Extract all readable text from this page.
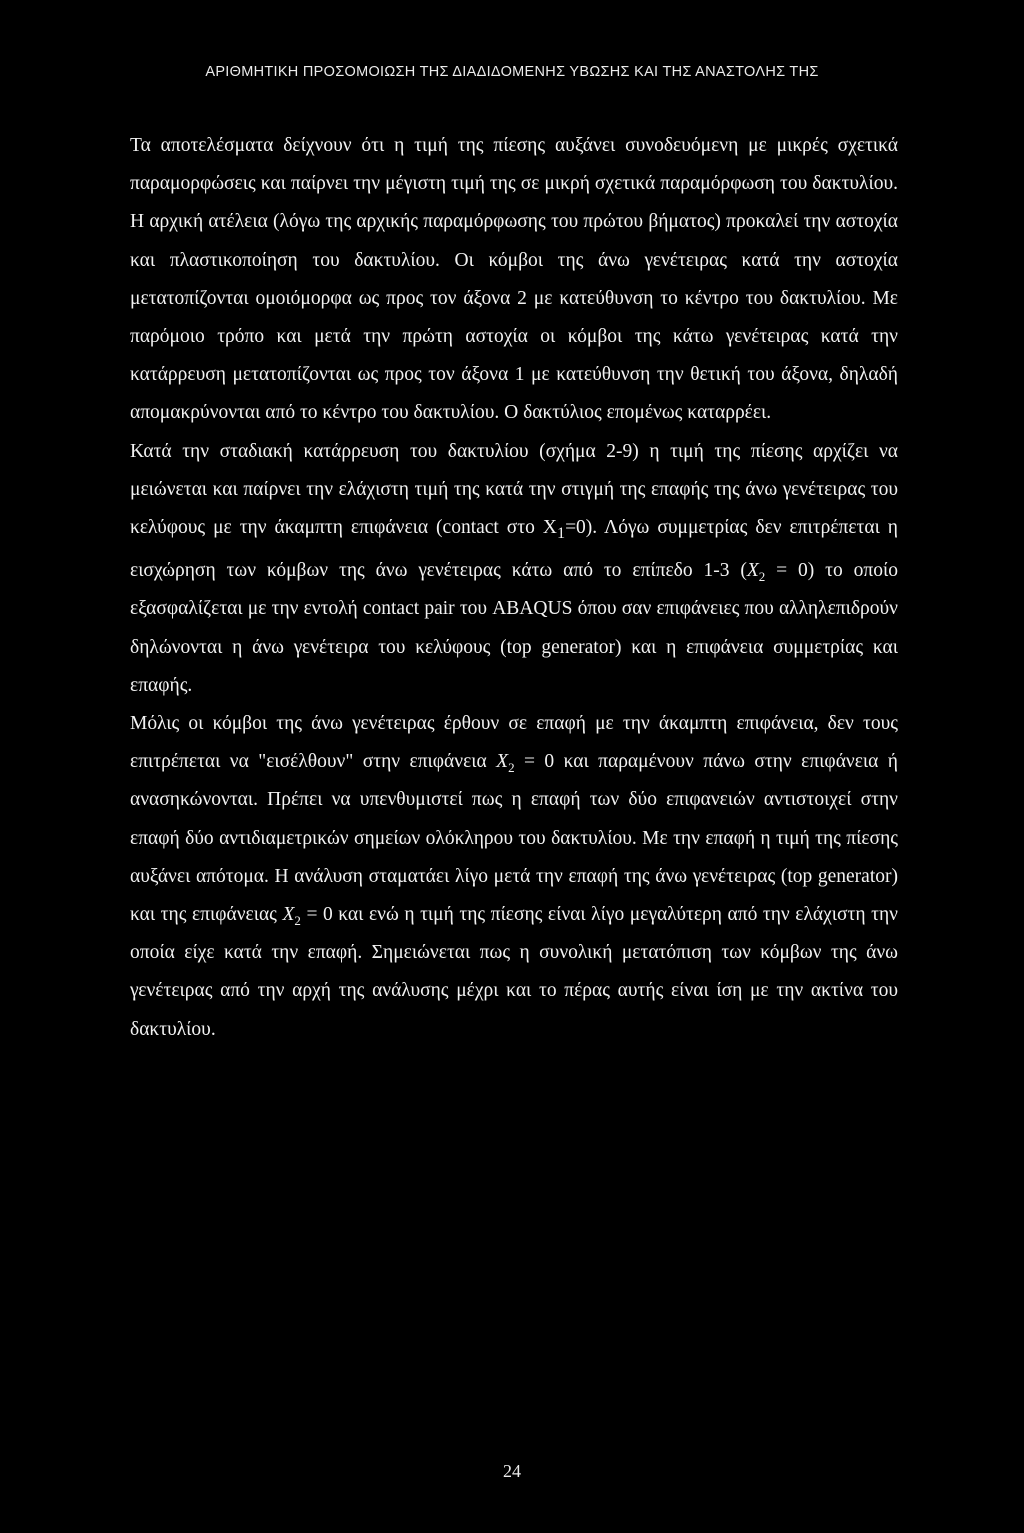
ΑΡΙΘΜΗΤΙΚΗ ΠΡΟΣΟΜΟΙΩΣΗ ΤΗΣ ΔΙΑΔΙΔΟΜΕΝΗΣ ΥΒΩΣΗΣ ΚΑΙ ΤΗΣ ΑΝΑΣΤΟΛΗΣ ΤΗΣ

Τα αποτελέσματα δείχνουν ότι η τιμή της πίεσης αυξάνει συνοδευόμενη με μικρές σχετικά παραμορφώσεις και παίρνει την μέγιστη τιμή της σε μικρή σχετικά παραμόρφωση του δακτυλίου. Η αρχική ατέλεια (λόγω της αρχικής παραμόρφωσης του πρώτου βήματος) προκαλεί την αστοχία και πλαστικοποίηση του δακτυλίου. Οι κόμβοι της άνω γενέτειρας κατά την αστοχία μετατοπίζονται ομοιόμορφα ως προς τον άξονα 2 με κατεύθυνση το κέντρο του δακτυλίου. Με παρόμοιο τρόπο και μετά την πρώτη αστοχία οι κόμβοι της κάτω γενέτειρας κατά την κατάρρευση μετατοπίζονται ως προς τον άξονα 1 με κατεύθυνση την θετική του άξονα, δηλαδή απομακρύνονται από το κέντρο του δακτυλίου. Ο δακτύλιος επομένως καταρρέει.

Κατά την σταδιακή κατάρρευση του δακτυλίου (σχήμα 2-9) η τιμή της πίεσης αρχίζει να μειώνεται και παίρνει την ελάχιστη τιμή της κατά την στιγμή της επαφής της άνω γενέτειρας του κελύφους με την άκαμπτη επιφάνεια (contact στο $X_1=0$). Λόγω συμμετρίας δεν επιτρέπεται η εισχώρηση των κόμβων της άνω γενέτειρας κάτω από το επίπεδο 1-3 $(X_2 = 0)$ το οποίο εξασφαλίζεται με την εντολή contact pair του ABAQUS όπου σαν επιφάνειες που αλληλεπιδρούν δηλώνονται η άνω γενέτειρα του κελύφους (top generator) και η επιφάνεια συμμετρίας και επαφής.

Μόλις οι κόμβοι της άνω γενέτειρας έρθουν σε επαφή με την άκαμπτη επιφάνεια, δεν τους επιτρέπεται να "εισέλθουν" στην επιφάνεια $X_2 = 0$ και παραμένουν πάνω στην επιφάνεια ή ανασηκώνονται. Πρέπει να υπενθυμιστεί πως η επαφή των δύο επιφανειών αντιστοιχεί στην επαφή δύο αντιδιαμετρικών σημείων ολόκληρου του δακτυλίου. Με την επαφή η τιμή της πίεσης αυξάνει απότομα. Η ανάλυση σταματάει λίγο μετά την επαφή της άνω γενέτειρας (top generator) και της επιφάνειας $X_2 = 0$ και ενώ η τιμή της πίεσης είναι λίγο μεγαλύτερη από την ελάχιστη την οποία είχε κατά την επαφή. Σημειώνεται πως η συνολική μετατόπιση των κόμβων της άνω γενέτειρας από την αρχή της ανάλυσης μέχρι και το πέρας αυτής είναι ίση με την ακτίνα του δακτυλίου.

24
